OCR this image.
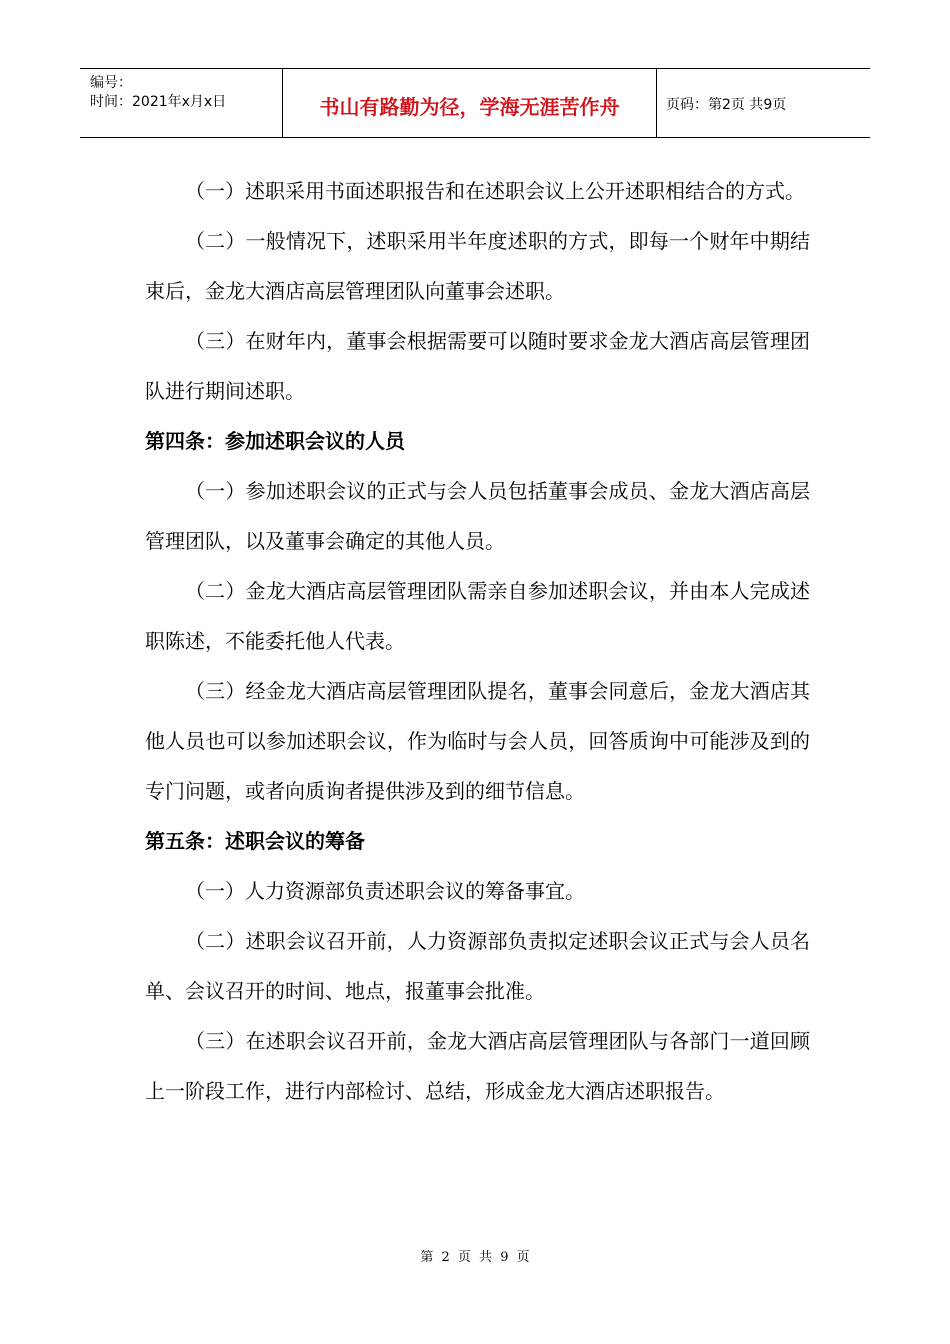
编号：
时间：2021年x月x日	书山有路勤为径，学海无涯苦作舟	页码：第2页 共9页

（一）述职采用书面述职报告和在述职会议上公开述职相结合的方式。

（二）一般情况下，述职采用半年度述职的方式，即每一个财年中期结束后，金龙大酒店高层管理团队向董事会述职。

（三）在财年内，董事会根据需要可以随时要求金龙大酒店高层管理团队进行期间述职。

第四条：参加述职会议的人员

（一）参加述职会议的正式与会人员包括董事会成员、金龙大酒店高层管理团队，以及董事会确定的其他人员。

（二）金龙大酒店高层管理团队需亲自参加述职会议，并由本人完成述职陈述，不能委托他人代表。

（三）经金龙大酒店高层管理团队提名，董事会同意后，金龙大酒店其他人员也可以参加述职会议，作为临时与会人员，回答质询中可能涉及到的专门问题，或者向质询者提供涉及到的细节信息。

第五条：述职会议的筹备

（一）人力资源部负责述职会议的筹备事宜。

（二）述职会议召开前，人力资源部负责拟定述职会议正式与会人员名单、会议召开的时间、地点，报董事会批准。

（三）在述职会议召开前，金龙大酒店高层管理团队与各部门一道回顾上一阶段工作，进行内部检讨、总结，形成金龙大酒店述职报告。

第 2 页 共 9 页
